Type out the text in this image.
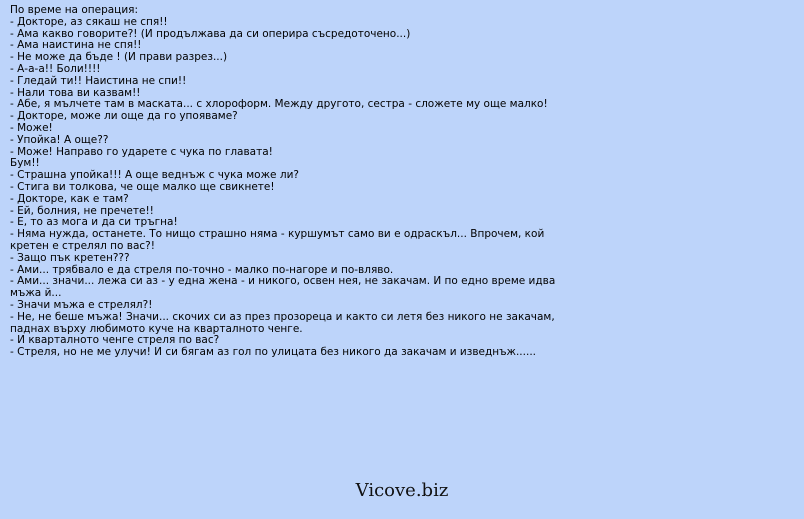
По време на операция:
- Докторе, аз сякаш не спя!!
- Ама какво говорите?! (И продължава да си оперира съсредоточено...)
- Ама наистина не спя!!
- Не може да бъде ! (И прави разрез...)
- А-а-а!! Боли!!!!
- Гледай ти!! Наистина не спи!!
- Нали това ви казвам!!
- Абе, я мълчете там в маската... с хлороформ. Между другото, сестра - сложете му още малко!
- Докторе, може ли още да го упояваме?
- Може!
- Упойка! А още??
- Може! Направо го ударете с чука по главата!
Бум!!
- Страшна упойка!!! А още веднъж с чука може ли?
- Стига ви толкова, че още малко ще свикнете!
- Докторе, как е там?
- Ей, болния, не пречете!!
- Е, то аз мога и да си тръгна!
- Няма нужда, останете. То нищо страшно няма - куршумът само ви е одраскъл... Впрочем, кой кретен е стрелял по вас?!
- Защо пък кретен???
- Ами... трябвало е да стреля по-точно - малко по-нагоре и по-вляво.
- Ами... значи... лежа си аз - у една жена - и никого, освен нея, не закачам. И по едно време идва мъжа й...
- Значи мъжа е стрелял?!
- Не, не беше мъжа! Значи... скочих си аз през прозореца и както си летя без никого не закачам, паднах върху любимото куче на кварталното ченге.
- И кварталното ченге стреля по вас?
- Стреля, но не ме улучи! И си бягам аз гол по улицата без никого да закачам и изведнъж......
Vicove.biz
